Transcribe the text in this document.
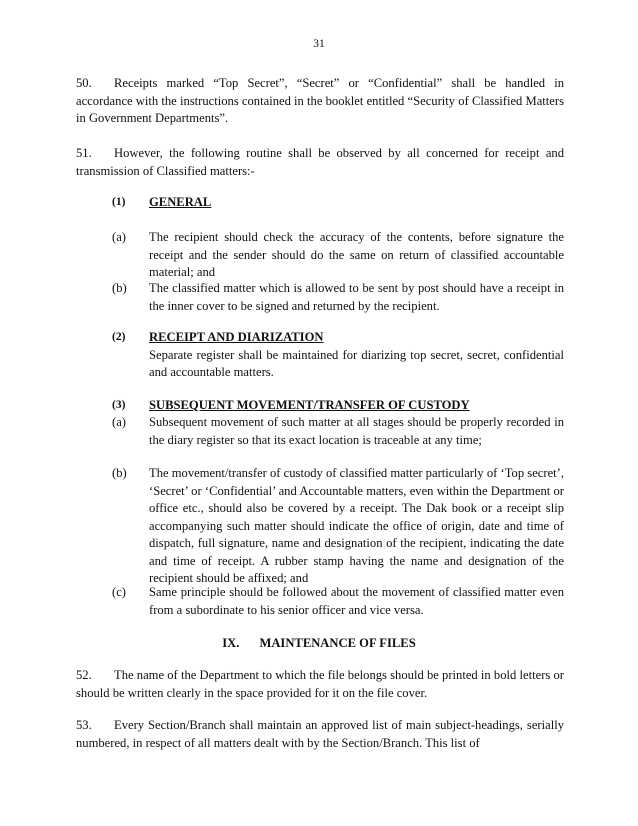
31

50. Receipts marked “Top Secret”, “Secret” or “Confidential” shall be handled in accordance with the instructions contained in the booklet entitled “Security of Classified Matters in Government Departments”.

51. However, the following routine shall be observed by all concerned for receipt and transmission of Classified matters:-

(1)	GENERAL
(a)	The recipient should check the accuracy of the contents, before signature the receipt and the sender should do the same on return of classified accountable material; and
(b)	The classified matter which is allowed to be sent by post should have a receipt in the inner cover to be signed and returned by the recipient.
(2)	RECEIPT AND DIARIZATION
Separate register shall be maintained for diarizing top secret, secret, confidential and accountable matters.
(3)	SUBSEQUENT MOVEMENT/TRANSFER OF CUSTODY
(a)	Subsequent movement of such matter at all stages should be properly recorded in the diary register so that its exact location is traceable at any time;
(b)	The movement/transfer of custody of classified matter particularly of ‘Top secret’, ‘Secret’ or ‘Confidential’ and Accountable matters, even within the Department or office etc., should also be covered by a receipt. The Dak book or a receipt slip accompanying such matter should indicate the office of origin, date and time of dispatch, full signature, name and designation of the recipient, indicating the date and time of receipt. A rubber stamp having the name and designation of the recipient should be affixed; and
(c)	Same principle should be followed about the movement of classified matter even from a subordinate to his senior officer and vice versa.

IX. MAINTENANCE OF FILES

52. The name of the Department to which the file belongs should be printed in bold letters or should be written clearly in the space provided for it on the file cover.

53. Every Section/Branch shall maintain an approved list of main subject-headings, serially numbered, in respect of all matters dealt with by the Section/Branch. This list of
